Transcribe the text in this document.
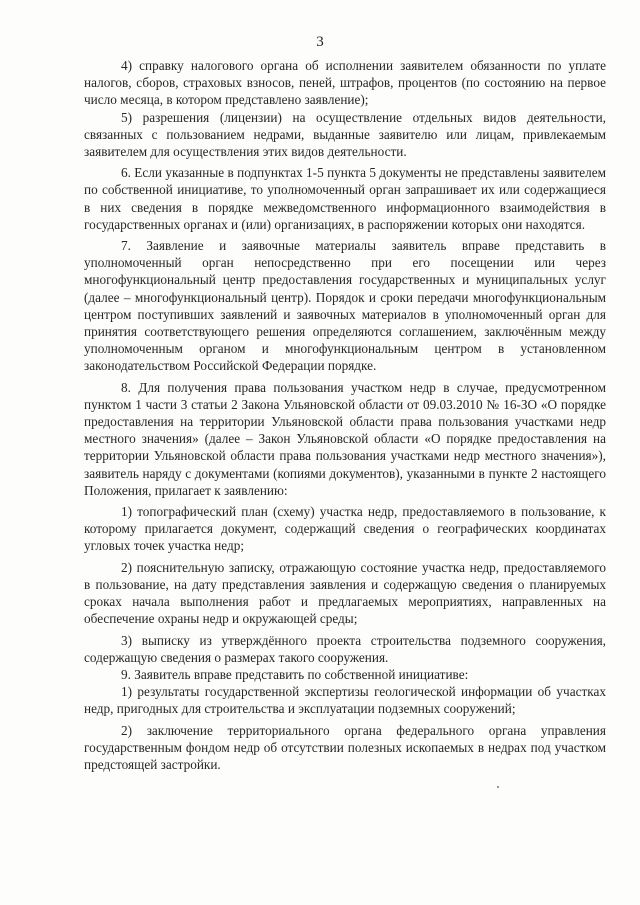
3

4) справку налогового органа об исполнении заявителем обязанности по уплате налогов, сборов, страховых взносов, пеней, штрафов, процентов (по состоянию на первое число месяца, в котором представлено заявление);

5) разрешения (лицензии) на осуществление отдельных видов деятельности, связанных с пользованием недрами, выданные заявителю или лицам, привлекаемым заявителем для осуществления этих видов деятельности.

6. Если указанные в подпунктах 1-5 пункта 5 документы не представлены заявителем по собственной инициативе, то уполномоченный орган запрашивает их или содержащиеся в них сведения в порядке межведомственного информационного взаимодействия в государственных органах и (или) организациях, в распоряжении которых они находятся.

7. Заявление и заявочные материалы заявитель вправе представить в уполномоченный орган непосредственно при его посещении или через многофункциональный центр предоставления государственных и муниципальных услуг (далее – многофункциональный центр). Порядок и сроки передачи многофункциональным центром поступивших заявлений и заявочных материалов в уполномоченный орган для принятия соответствующего решения определяются соглашением, заключённым между уполномоченным органом и многофункциональным центром в установленном законодательством Российской Федерации порядке.

8. Для получения права пользования участком недр в случае, предусмотренном пунктом 1 части 3 статьи 2 Закона Ульяновской области от 09.03.2010 № 16-ЗО «О порядке предоставления на территории Ульяновской области права пользования участками недр местного значения» (далее – Закон Ульяновской области «О порядке предоставления на территории Ульяновской области права пользования участками недр местного значения»), заявитель наряду с документами (копиями документов), указанными в пункте 2 настоящего Положения, прилагает к заявлению:

1) топографический план (схему) участка недр, предоставляемого в пользование, к которому прилагается документ, содержащий сведения о географических координатах угловых точек участка недр;

2) пояснительную записку, отражающую состояние участка недр, предоставляемого в пользование, на дату представления заявления и содержащую сведения о планируемых сроках начала выполнения работ и предлагаемых мероприятиях, направленных на обеспечение охраны недр и окружающей среды;

3) выписку из утверждённого проекта строительства подземного сооружения, содержащую сведения о размерах такого сооружения.

9. Заявитель вправе представить по собственной инициативе:

1) результаты государственной экспертизы геологической информации об участках недр, пригодных для строительства и эксплуатации подземных сооружений;

2) заключение территориального органа федерального органа управления государственным фондом недр об отсутствии полезных ископаемых в недрах под участком предстоящей застройки.
